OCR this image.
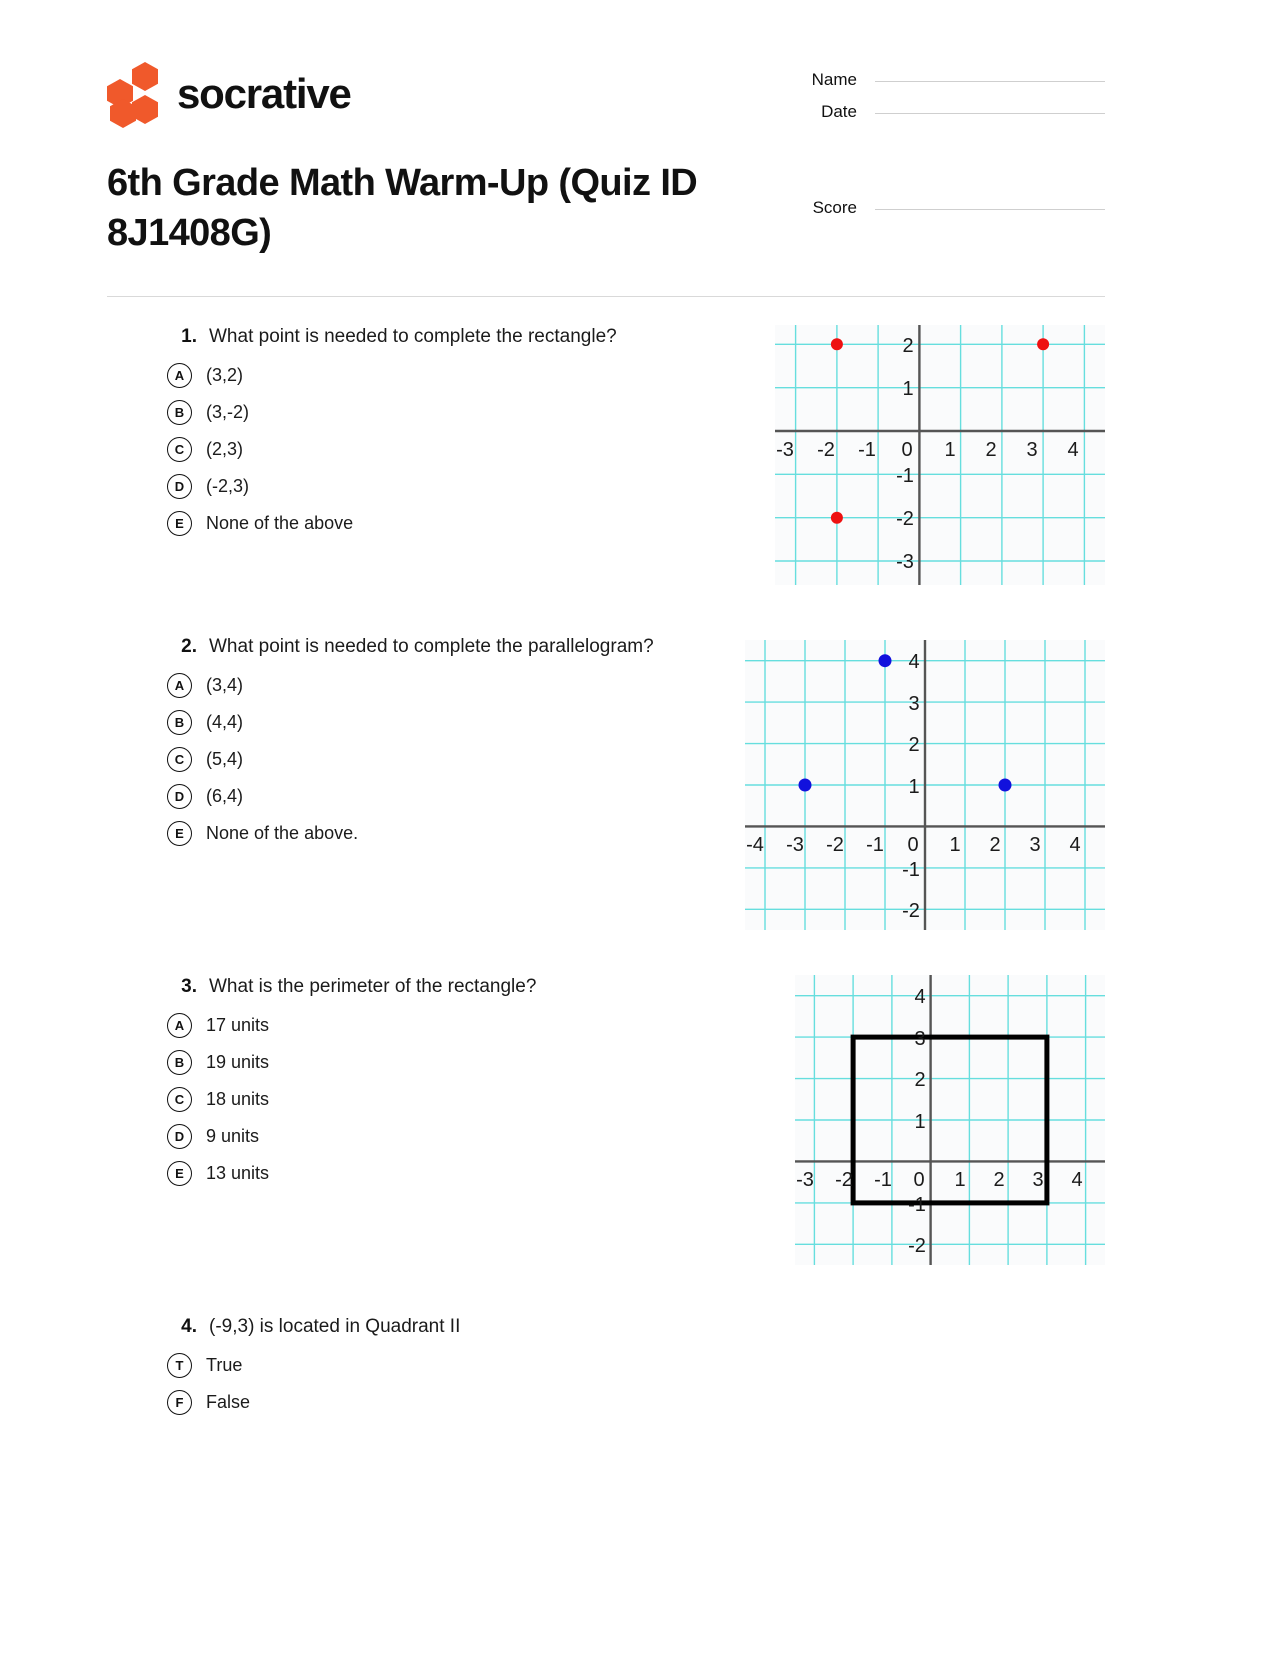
socrative
6th Grade Math Warm-Up (Quiz ID 8J1408G)
Name
Date
Score
1. What point is needed to complete the rectangle?
A	(3,2)
B	(3,-2)
C	(2,3)
D	(-2,3)
E	None of the above
-3 -2 -1 0 1 2 3 4
2
1
-1
-2
-3
2. What point is needed to complete the parallelogram?
A	(3,4)
B	(4,4)
C	(5,4)
D	(6,4)
E	None of the above.
-4 -3 -2 -1 0 1 2 3 4
4
3
2
1
-1
-2
3. What is the perimeter of the rectangle?
A	17 units
B	19 units
C	18 units
D	9 units
E	13 units	-3 -2 -1 0 1 2 3 4
4
3
2
1
-1
-2
4. (-9,3) is located in Quadrant II
T	True
F	False
